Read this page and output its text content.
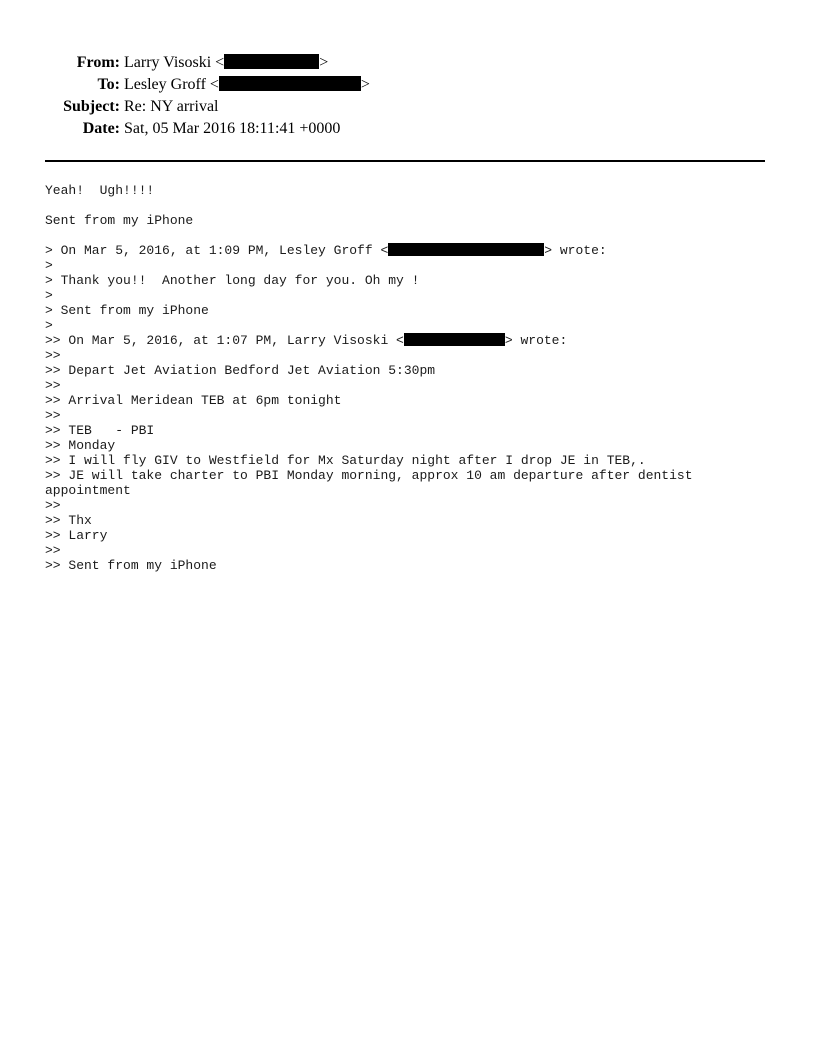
From: Larry Visoski <	>
To: Lesley Groff <	>
Subject: Re: NY arrival
Date: Sat, 05 Mar 2016 18:11:41 +0000
Yeah!  Ugh!!!!
Sent from my iPhone
> On Mar 5, 2016, at 1:09 PM, Lesley Groff <	> wrote:
>
> Thank you!!  Another long day for you. Oh my !
>
> Sent from my iPhone
>
>> On Mar 5, 2016, at 1:07 PM, Larry Visoski <	> wrote:
>>
>> Depart Jet Aviation Bedford Jet Aviation 5:30pm
>>
>> Arrival Meridean TEB at 6pm tonight
>>
>> TEB   - PBI
>> Monday
>> I will fly GIV to Westfield for Mx Saturday night after I drop JE in TEB,.
>> JE will take charter to PBI Monday morning, approx 10 am departure after dentist
appointment
>>
>> Thx
>> Larry
>>
>> Sent from my iPhone
